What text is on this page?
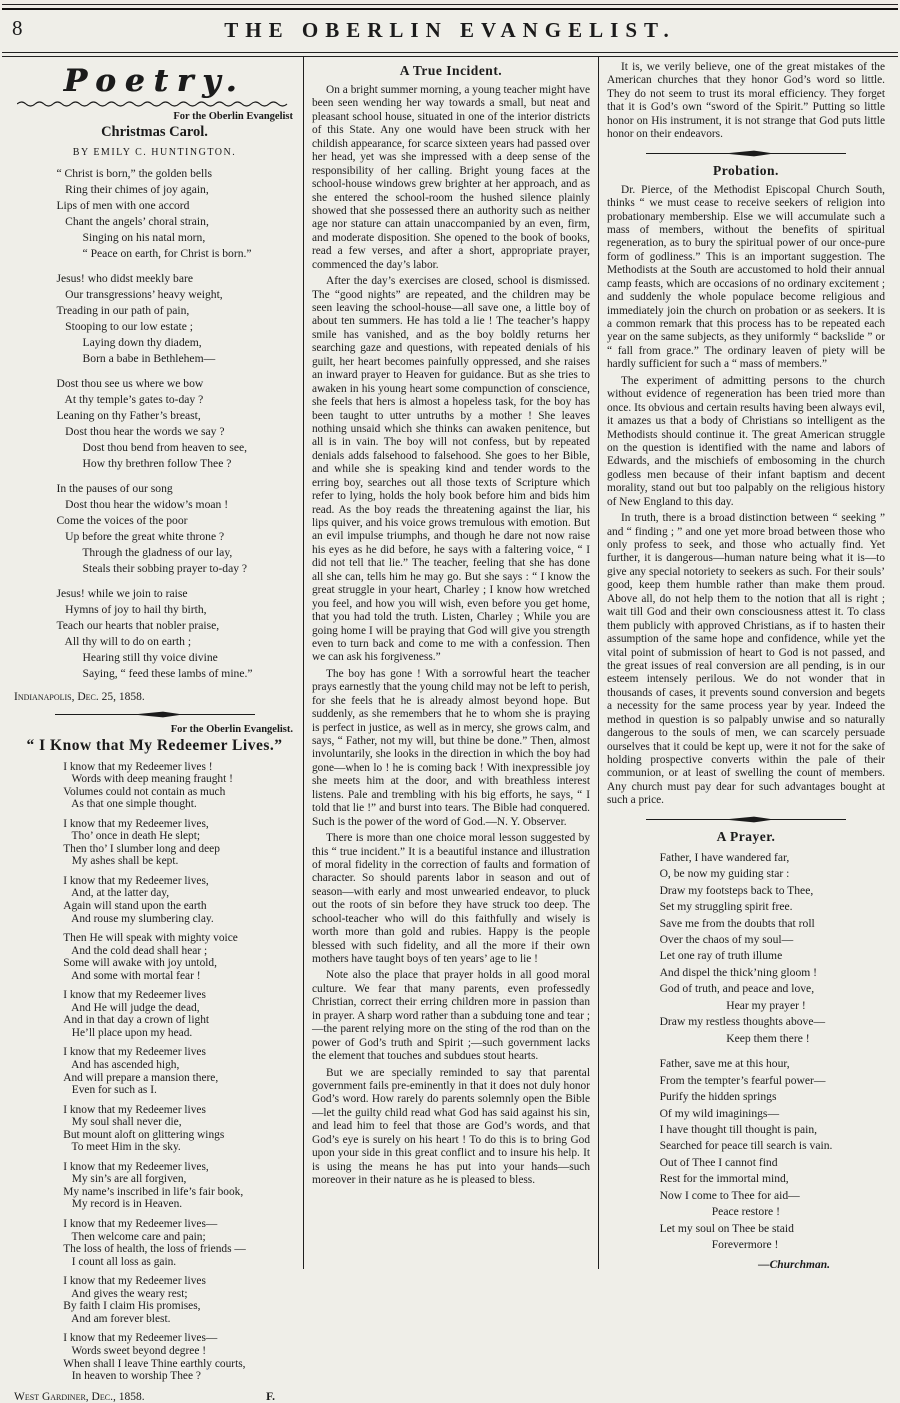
8	THE OBERLIN EVANGELIST.
Poetry.
For the Oberlin Evangelist
Christmas Carol.
BY EMILY C. HUNTINGTON.
“ Christ is born,” the golden bells
Ring their chimes of joy again,
Lips of men with one accord
Chant the angels’ choral strain,
Singing on his natal morn,
“ Peace on earth, for Christ is born.”
Jesus! who didst meekly bare
Our transgressions’ heavy weight,
Treading in our path of pain,
Stooping to our low estate ;
Laying down thy diadem,
Born a babe in Bethlehem—
Dost thou see us where we bow
At thy temple’s gates to-day ?
Leaning on thy Father’s breast,
Dost thou hear the words we say ?
Dost thou bend from heaven to see,
How thy brethren follow Thee ?
In the pauses of our song
Dost thou hear the widow’s moan !
Come the voices of the poor
Up before the great white throne ?
Through the gladness of our lay,
Steals their sobbing prayer to-day ?
Jesus! while we join to raise
Hymns of joy to hail thy birth,
Teach our hearts that nobler praise,
All thy will to do on earth ;
Hearing still thy voice divine
Saying, “ feed these lambs of mine.”
Indianapolis, Dec. 25, 1858.
For the Oberlin Evangelist.
“ I Know that My Redeemer Lives.”
I know that my Redeemer lives !
Words with deep meaning fraught !
Volumes could not contain as much
As that one simple thought.
I know that my Redeemer lives,
Tho’ once in death He slept;
Then tho’ I slumber long and deep
My ashes shall be kept.
I know that my Redeemer lives,
And, at the latter day,
Again will stand upon the earth
And rouse my slumbering clay.
Then He will speak with mighty voice
And the cold dead shall hear ;
Some will awake with joy untold,
And some with mortal fear !
I know that my Redeemer lives
And He will judge the dead,
And in that day a crown of light
He’ll place upon my head.
I know that my Redeemer lives
And has ascended high,
And will prepare a mansion there,
Even for such as I.
I know that my Redeemer lives
My soul shall never die,
But mount aloft on glittering wings
To meet Him in the sky.
I know that my Redeemer lives,
My sin’s are all forgiven,
My name’s inscribed in life’s fair book,
My record is in Heaven.
I know that my Redeemer lives—
Then welcome care and pain;
The loss of health, the loss of friends —
I count all loss as gain.
I know that my Redeemer lives
And gives the weary rest;
By faith I claim His promises,
And am forever blest.
I know that my Redeemer lives—
Words sweet beyond degree !
When shall I leave Thine earthly courts,
In heaven to worship Thee ?
West Gardiner, Dec., 1858.	F.
A True Incident.

On a bright summer morning, a young teacher might have been seen wending her way towards a small, but neat and pleasant school house, situated in one of the interior districts of this State. Any one would have been struck with her childish appearance, for scarce sixteen years had passed over her head, yet was she impressed with a deep sense of the responsibility of her calling. Bright young faces at the school-house windows grew brighter at her approach, and as she entered the school-room the hushed silence plainly showed that she possessed there an authority such as neither age nor stature can attain unaccompanied by an even, firm, and moderate disposition. She opened to the book of books, read a few verses, and after a short, appropriate prayer, commenced the day’s labor.

After the day’s exercises are closed, school is dismissed. The “good nights” are repeated, and the children may be seen leaving the school-house—all save one, a little boy of about ten summers. He has told a lie ! The teacher’s happy smile has vanished, and as the boy boldly returns her searching gaze and questions, with repeated denials of his guilt, her heart becomes painfully oppressed, and she raises an inward prayer to Heaven for guidance. But as she tries to awaken in his young heart some compunction of conscience, she feels that hers is almost a hopeless task, for the boy has been taught to utter untruths by a mother ! She leaves nothing unsaid which she thinks can awaken penitence, but all is in vain. The boy will not confess, but by repeated denials adds falsehood to falsehood. She goes to her Bible, and while she is speaking kind and tender words to the erring boy, searches out all those texts of Scripture which refer to lying, holds the holy book before him and bids him read. As the boy reads the threatening against the liar, his lips quiver, and his voice grows tremulous with emotion. But an evil impulse triumphs, and though he dare not now raise his eyes as he did before, he says with a faltering voice, “ I did not tell that lie.” The teacher, feeling that she has done all she can, tells him he may go. But she says : “ I know the great struggle in your heart, Charley ; I know how wretched you feel, and how you will wish, even before you get home, that you had told the truth. Listen, Charley ; While you are going home I will be praying that God will give you strength even to turn back and come to me with a confession. Then we can ask his forgiveness.”

The boy has gone ! With a sorrowful heart the teacher prays earnestly that the young child may not be left to perish, for she feels that he is already almost beyond hope. But suddenly, as she remembers that he to whom she is praying is perfect in justice, as well as in mercy, she grows calm, and says, “ Father, not my will, but thine be done.” Then, almost involuntarily, she looks in the direction in which the boy had gone—when lo ! he is coming back ! With inexpressible joy she meets him at the door, and with breathless interest listens. Pale and trembling with his big efforts, he says, “ I told that lie !” and burst into tears. The Bible had conquered. Such is the power of the word of God.—N. Y. Observer.

There is more than one choice moral lesson suggested by this “ true incident.” It is a beautiful instance and illustration of moral fidelity in the correction of faults and formation of character. So should parents labor in season and out of season—with early and most unwearied endeavor, to pluck out the roots of sin before they have struck too deep. The school-teacher who will do this faithfully and wisely is worth more than gold and rubies. Happy is the people blessed with such fidelity, and all the more if their own mothers have taught boys of ten years’ age to lie !

Note also the place that prayer holds in all good moral culture. We fear that many parents, even professedly Christian, correct their erring children more in passion than in prayer. A sharp word rather than a subduing tone and tear ;—the parent relying more on the sting of the rod than on the power of God’s truth and Spirit ;—such government lacks the element that touches and subdues stout hearts.

But we are specially reminded to say that parental government fails pre-eminently in that it does not duly honor God’s word. How rarely do parents solemnly open the Bible—let the guilty child read what God has said against his sin, and lead him to feel that those are God’s words, and that God’s eye is surely on his heart ! To do this is to bring God upon your side in this great conflict and to insure his help. It is using the means he has put into your hands—such moreover in their nature as he is pleased to bless.

It is, we verily believe, one of the great mistakes of the American churches that they honor God’s word so little. They do not seem to trust its moral efficiency. They forget that it is God’s own “sword of the Spirit.” Putting so little honor on His instrument, it is not strange that God puts little honor on their endeavors.

Probation.

Dr. Pierce, of the Methodist Episcopal Church South, thinks “ we must cease to receive seekers of religion into probationary membership. Else we will accumulate such a mass of members, without the benefits of spiritual regeneration, as to bury the spiritual power of our once-pure form of godliness.” This is an important suggestion. The Methodists at the South are accustomed to hold their annual camp feasts, which are occasions of no ordinary excitement ; and suddenly the whole populace become religious and immediately join the church on probation or as seekers. It is a common remark that this process has to be repeated each year on the same subjects, as they uniformly “ backslide ” or “ fall from grace.” The ordinary leaven of piety will be hardly sufficient for such a “ mass of members.”

The experiment of admitting persons to the church without evidence of regeneration has been tried more than once. Its obvious and certain results having been always evil, it amazes us that a body of Christians so intelligent as the Methodists should continue it. The great American struggle on the question is identified with the name and labors of Edwards, and the mischiefs of embosoming in the church godless men because of their infant baptism and decent morality, stand out but too palpably on the religious history of New England to this day.

In truth, there is a broad distinction between “ seeking ” and “ finding ; ” and one yet more broad between those who only profess to seek, and those who actually find. Yet further, it is dangerous—human nature being what it is—to give any special notoriety to seekers as such. For their souls’ good, keep them humble rather than make them proud. Above all, do not help them to the notion that all is right ; wait till God and their own consciousness attest it. To class them publicly with approved Christians, as if to hasten their assumption of the same hope and confidence, while yet the vital point of submission of heart to God is not passed, and the great issues of real conversion are all pending, is in our esteem intensely perilous. We do not wonder that in thousands of cases, it prevents sound conversion and begets a necessity for the same process year by year. Indeed the method in question is so palpably unwise and so naturally dangerous to the souls of men, we can scarcely persuade ourselves that it could be kept up, were it not for the sake of holding prospective converts within the pale of their communion, or at least of swelling the count of members. Any church must pay dear for such advantages bought at such a price.

A Prayer.
Father, I have wandered far,
O, be now my guiding star :
Draw my footsteps back to Thee,
Set my struggling spirit free.
Save me from the doubts that roll
Over the chaos of my soul—
Let one ray of truth illume
And dispel the thick’ning gloom !
God of truth, and peace and love,
Hear my prayer !
Draw my restless thoughts above—
Keep them there !
Father, save me at this hour,
From the tempter’s fearful power—
Purify the hidden springs
Of my wild imaginings—
I have thought till thought is pain,
Searched for peace till search is vain.
Out of Thee I cannot find
Rest for the immortal mind,
Now I come to Thee for aid—
Peace restore !
Let my soul on Thee be staid
Forevermore !
—Churchman.
